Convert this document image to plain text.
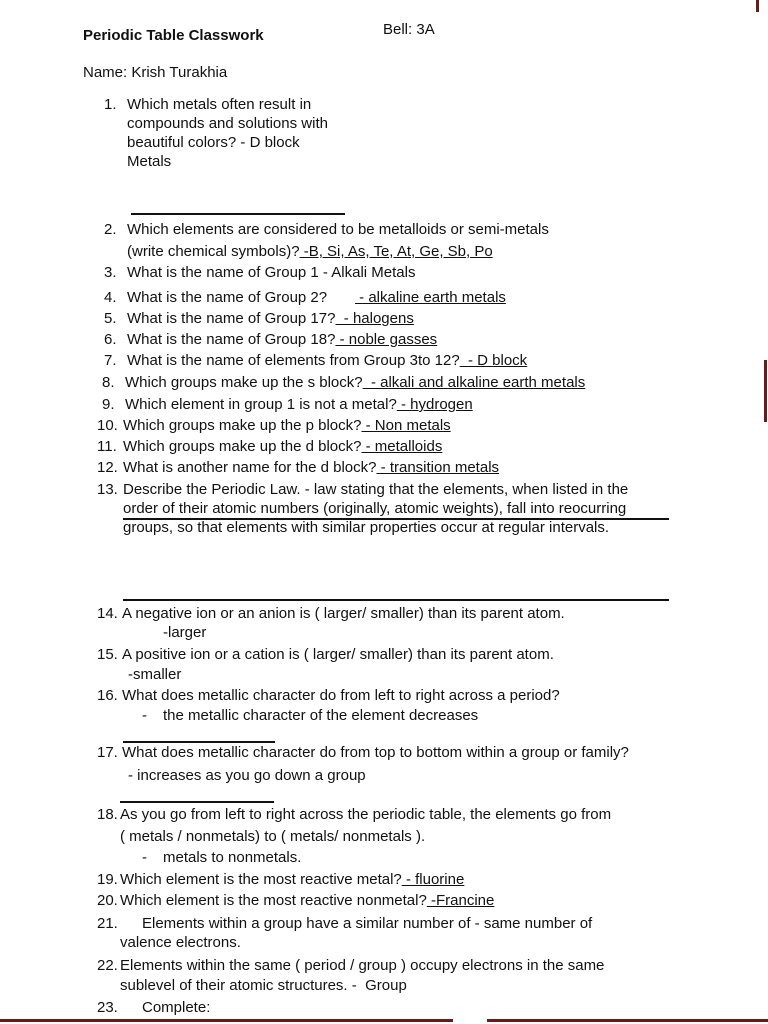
Periodic Table Classwork	Bell: 3A
Name: Krish Turakhia
1. Which metals often result in
compounds and solutions with
beautiful colors? - D block
Metals
2. Which elements are considered to be metalloids or semi-metals
(write chemical symbols)? -B, Si, As, Te, At, Ge, Sb, Po
3. What is the name of Group 1 - Alkali Metals
4. What is the name of Group 2? - alkaline earth metals
5. What is the name of Group 17?  - halogens
6. What is the name of Group 18? - noble gasses
7. What is the name of elements from Group 3to 12?  - D block
8. Which groups make up the s block?  - alkali and alkaline earth metals
9. Which element in group 1 is not a metal? - hydrogen
10. Which groups make up the p block? - Non metals
11. Which groups make up the d block? - metalloids
12. What is another name for the d block? - transition metals
13. Describe the Periodic Law. - law stating that the elements, when listed in the
order of their atomic numbers (originally, atomic weights), fall into reocurring
groups, so that elements with similar properties occur at regular intervals.
14. A negative ion or an anion is ( larger/ smaller) than its parent atom.
-larger
15. A positive ion or a cation is ( larger/ smaller) than its parent atom.
-smaller
16. What does metallic character do from left to right across a period?
- the metallic character of the element decreases
17. What does metallic character do from top to bottom within a group or family?
- increases as you go down a group
18. As you go from left to right across the periodic table, the elements go from
( metals / nonmetals) to ( metals/ nonmetals ).
- metals to nonmetals.
19. Which element is the most reactive metal? - fluorine
20. Which element is the most reactive nonmetal? -Francine
21. Elements within a group have a similar number of - same number of
valence electrons.
22. Elements within the same ( period / group ) occupy electrons in the same
sublevel of their atomic structures. -  Group
23. Complete:
